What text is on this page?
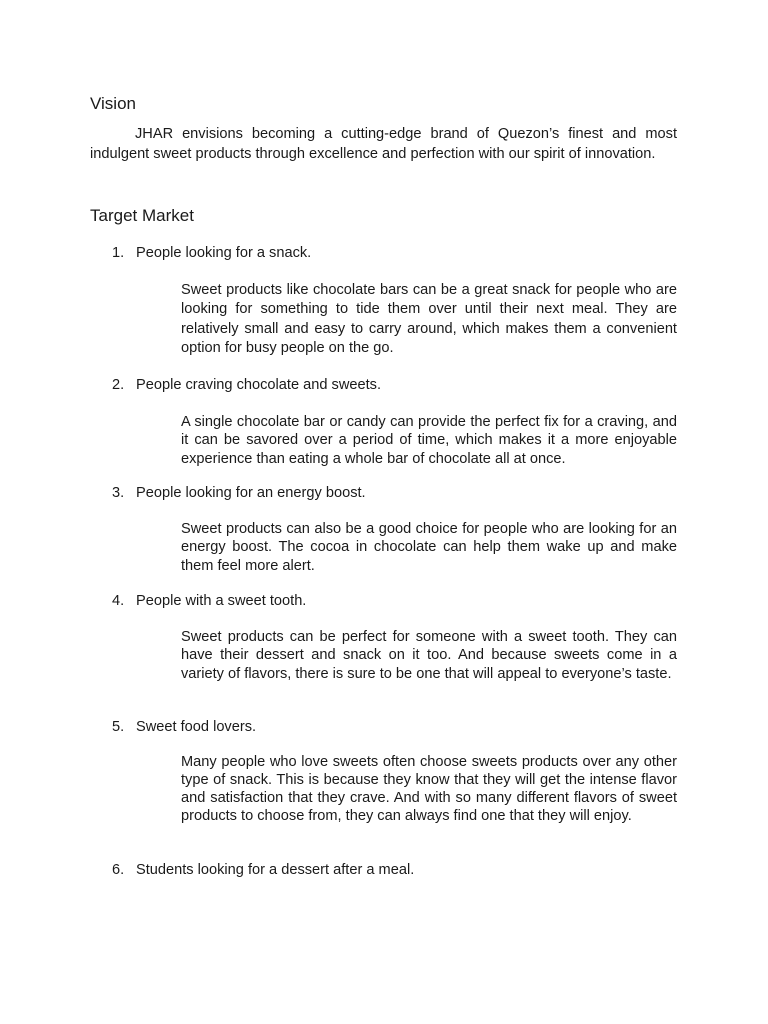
Vision

JHAR envisions becoming a cutting-edge brand of Quezon’s finest and most indulgent sweet products through excellence and perfection with our spirit of innovation.

Target Market
1. People looking for a snack.

Sweet products like chocolate bars can be a great snack for people who are looking for something to tide them over until their next meal. They are relatively small and easy to carry around, which makes them a convenient option for busy people on the go.

2. People craving chocolate and sweets.

A single chocolate bar or candy can provide the perfect fix for a craving, and it can be savored over a period of time, which makes it a more enjoyable experience than eating a whole bar of chocolate all at once.

3. People looking for an energy boost.

Sweet products can also be a good choice for people who are looking for an energy boost. The cocoa in chocolate can help them wake up and make them feel more alert.

4. People with a sweet tooth.

Sweet products can be perfect for someone with a sweet tooth. They can have their dessert and snack on it too. And because sweets come in a variety of flavors, there is sure to be one that will appeal to everyone’s taste.

5. Sweet food lovers.

Many people who love sweets often choose sweets products over any other type of snack. This is because they know that they will get the intense flavor and satisfaction that they crave. And with so many different flavors of sweet products to choose from, they can always find one that they will enjoy.

6. Students looking for a dessert after a meal.
